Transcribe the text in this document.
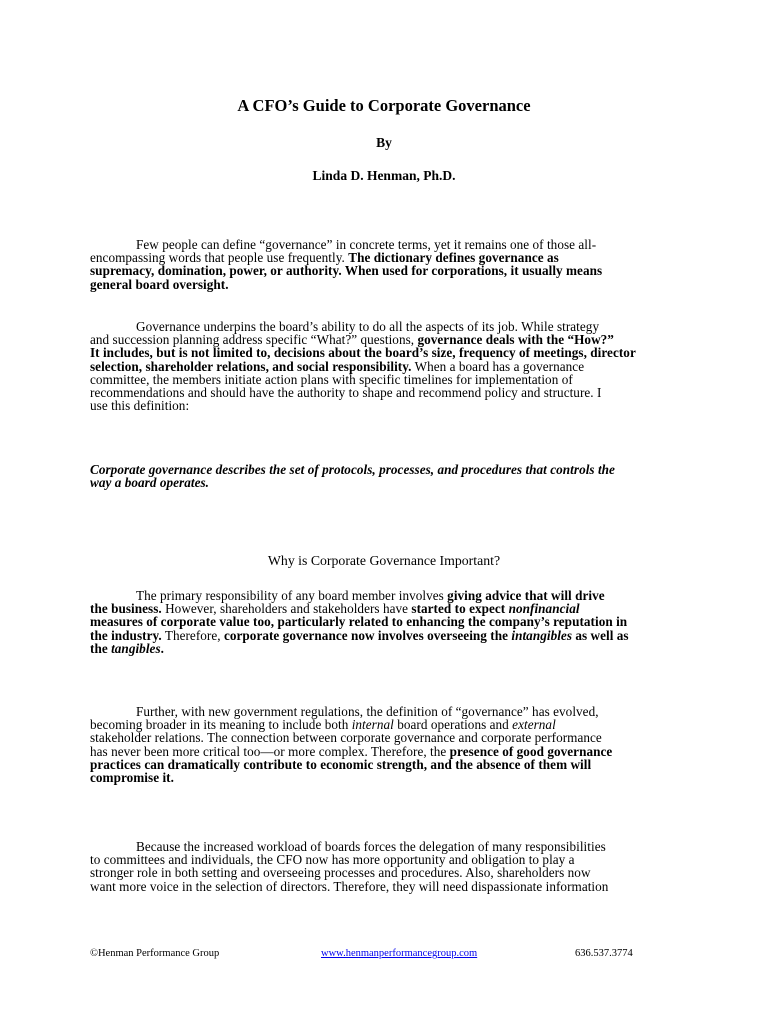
A CFO’s Guide to Corporate Governance
By
Linda D. Henman, Ph.D.
Few people can define “governance” in concrete terms, yet it remains one of those all-
encompassing words that people use frequently. The dictionary defines governance as
supremacy, domination, power, or authority. When used for corporations, it usually means
general board oversight.
Governance underpins the board’s ability to do all the aspects of its job. While strategy
and succession planning address specific “What?” questions, governance deals with the “How?”
It includes, but is not limited to, decisions about the board’s size, frequency of meetings, director
selection, shareholder relations, and social responsibility. When a board has a governance
committee, the members initiate action plans with specific timelines for implementation of
recommendations and should have the authority to shape and recommend policy and structure. I
use this definition:
Corporate governance describes the set of protocols, processes, and procedures that controls the
way a board operates.
Why is Corporate Governance Important?
The primary responsibility of any board member involves giving advice that will drive
the business. However, shareholders and stakeholders have started to expect nonfinancial
measures of corporate value too, particularly related to enhancing the company’s reputation in
the industry. Therefore, corporate governance now involves overseeing the intangibles as well as
the tangibles.
Further, with new government regulations, the definition of “governance” has evolved,
becoming broader in its meaning to include both internal board operations and external
stakeholder relations. The connection between corporate governance and corporate performance
has never been more critical too—or more complex. Therefore, the presence of good governance
practices can dramatically contribute to economic strength, and the absence of them will
compromise it.
Because the increased workload of boards forces the delegation of many responsibilities
to committees and individuals, the CFO now has more opportunity and obligation to play a
stronger role in both setting and overseeing processes and procedures. Also, shareholders now
want more voice in the selection of directors. Therefore, they will need dispassionate information
©Henman Performance Group	www.henmanperformancegroup.com	636.537.3774
